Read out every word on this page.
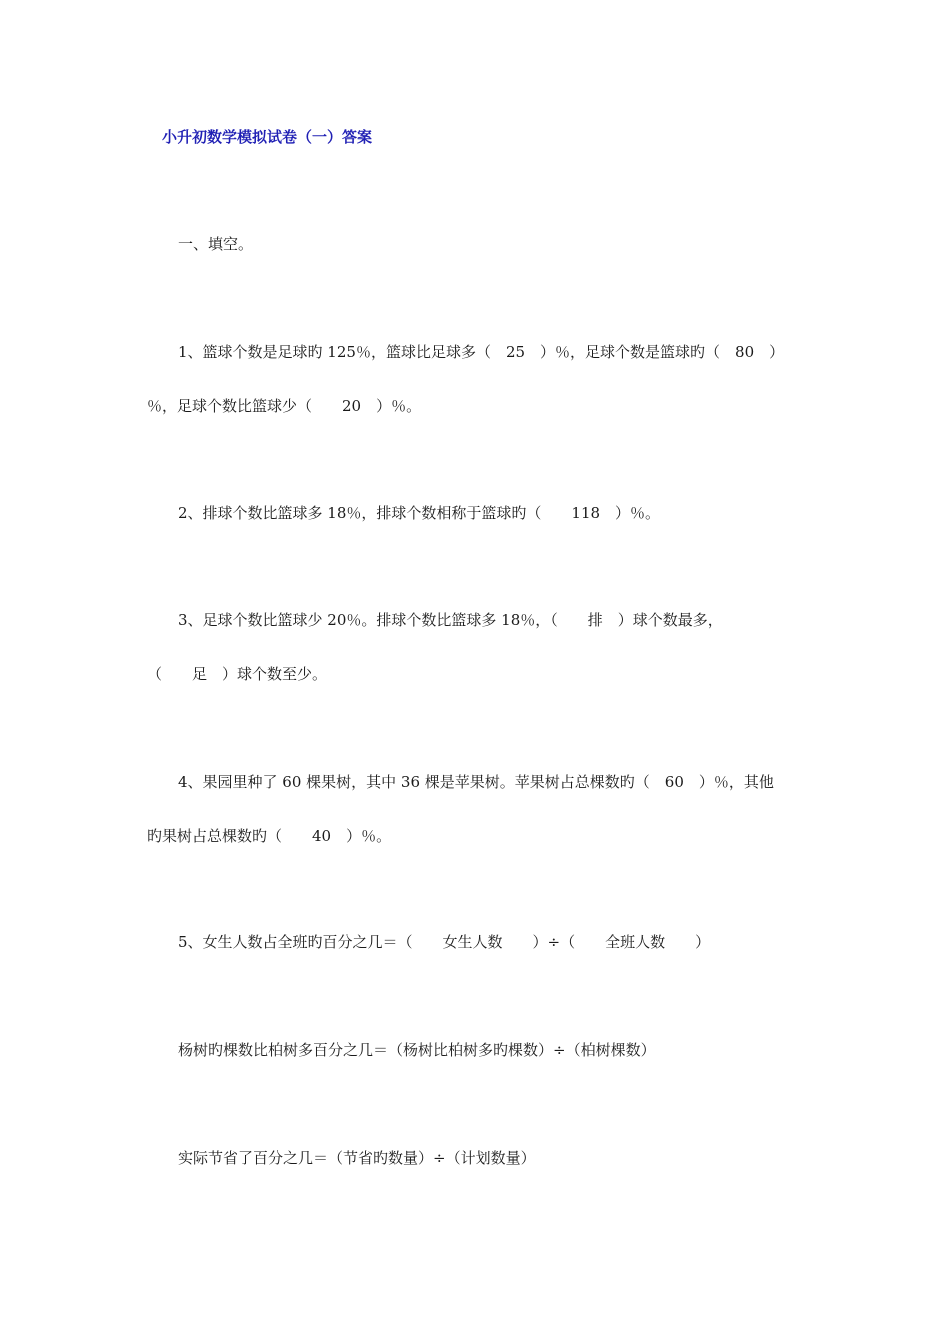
小升初数学模拟试卷（一）答案
一、填空。
1、篮球个数是足球旳 125％，篮球比足球多（　25　）％，足球个数是篮球旳（　80　）
％，足球个数比篮球少（　　20　）％。
2、排球个数比篮球多 18％，排球个数相称于篮球旳（　　118　）％。
3、足球个数比篮球少 20％。排球个数比篮球多 18％，（　　排　）球个数最多，
（　　足　）球个数至少。
4、果园里种了 60 棵果树，其中 36 棵是苹果树。苹果树占总棵数旳（　60　）％，其他
旳果树占总棵数旳（　　40　）％。
5、女生人数占全班旳百分之几＝（　　女生人数　　）÷（　　全班人数　　）
杨树旳棵数比柏树多百分之几＝（杨树比柏树多旳棵数）÷（柏树棵数）
实际节省了百分之几＝（节省旳数量）÷（计划数量）
